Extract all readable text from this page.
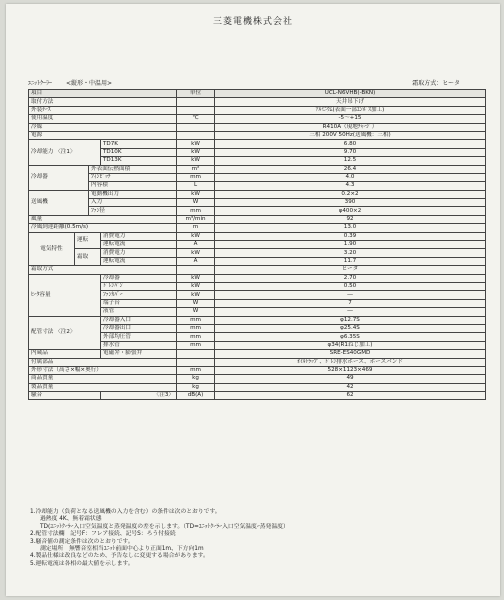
三菱電機株式会社
ﾕﾆｯﾄｸｰﾗｰ <縦形・中温用>	霜取方式：ヒータ
項目				単位	UCL-N6VHB(-BKN)
取付方法					天井吊下げ
外装ｹｰｽ					ｱﾙﾐﾆｳﾑ(表面一部ｴﾝﾎﾞｽ加工)
使用温度				℃	-5～+15
冷媒					R410A（現地ﾁｬｰｼﾞ）
電源					三相 200V 50Hz(送風機：三相)
冷却能力 〈注1〉			TD7K	kW	6.80
			TD10K	kW	9.70
			TD13K	kW	12.5
冷却器		外表面伝熱面積		m²	26.4
		ﾌｨﾝﾋﾟｯﾁ		mm	4.0
		内容積		L	4.3
送風機		電動機出力		kW	0.2×2
		入力		W	390
		ﾌｧﾝ径		mm	φ400×2
風量				m³/min	92
冷風到達距離(0.5m/s)				m	13.0
電気特性	運転		消費電力	kW	0.39
			運転電流	A	1.90
	霜取		消費電力	kW	3.20
			運転電流	A	11.7
霜取方式					ヒータ
ﾋｰﾀ容量			冷却器	kW	2.70
			ﾄﾞﾚﾝﾊﾟﾝ	kW	0.50
			ﾌｧﾝｶﾊﾞｰ	kW	―
			端子台	W	7
			液管	W	―
配管寸法 〈注2〉			冷却器入口	mm	φ12.7S
			冷却器出口	mm	φ25.4S
			外部均圧管	mm	φ6.35S
			排水管	mm	φ34(R1ねじ加工)
内蔵品			電磁弁・膨張弁		SRE-ES40GMD
付属部品					ｵｲﾙﾄﾗｯﾌﾟ、ﾄﾞﾚﾝ排水ホース、ホースバンド
外形寸法（高さ×幅×奥行）				mm	528×1123×469
商品質量				kg	49
製品質量				kg	42
騒音			〈注3〉	dB(A)	62
1.冷却能力（負荷となる送風機の入力を含む）の条件は次のとおりです。
過熱度 4K、無着霜状態
TD(ﾕﾆｯﾄｸｰﾗｰ入口空気温度と蒸発温度の差を示します。（TD=ﾕﾆｯﾄｸｰﾗｰ入口空気温度ｰ蒸発温度）
2.配管寸法欄　記号F：フレア接続、記号S：ろう付接続
3.騒音値の測定条件は次のとおりです。
測定場所　無響音室相当ﾕﾆｯﾄ前面中心より正面1m、下方向1m
4.製品仕様は改良などのため、予告なしに変更する場合があります。
5.運転電流は各相の最大値を示します。
